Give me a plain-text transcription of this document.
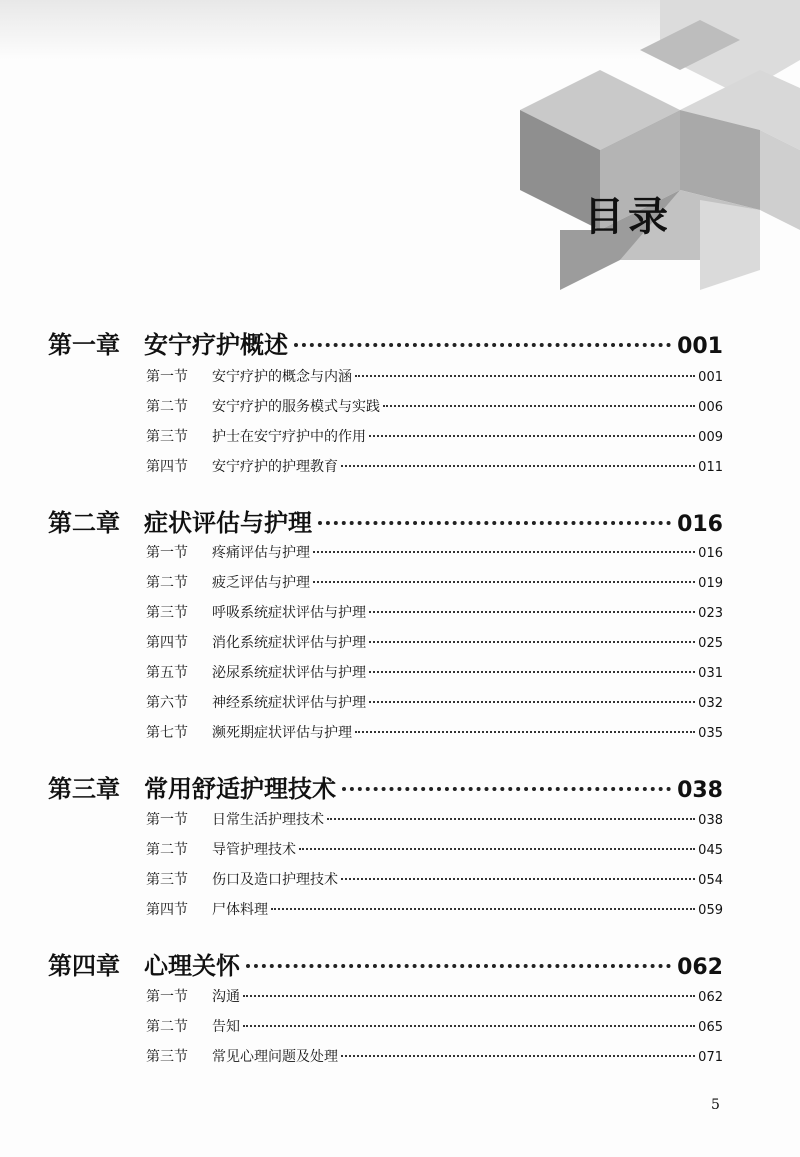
目录
第一章	安宁疗护概述	001
第一节	安宁疗护的概念与内涵	001
第二节	安宁疗护的服务模式与实践	006
第三节	护士在安宁疗护中的作用	009
第四节	安宁疗护的护理教育	011
第二章	症状评估与护理	016
第一节	疼痛评估与护理	016
第二节	疲乏评估与护理	019
第三节	呼吸系统症状评估与护理	023
第四节	消化系统症状评估与护理	025
第五节	泌尿系统症状评估与护理	031
第六节	神经系统症状评估与护理	032
第七节	濒死期症状评估与护理	035
第三章	常用舒适护理技术	038
第一节	日常生活护理技术	038
第二节	导管护理技术	045
第三节	伤口及造口护理技术	054
第四节	尸体料理	059
第四章	心理关怀	062
第一节	沟通	062
第二节	告知	065
第三节	常见心理问题及处理	071
5
